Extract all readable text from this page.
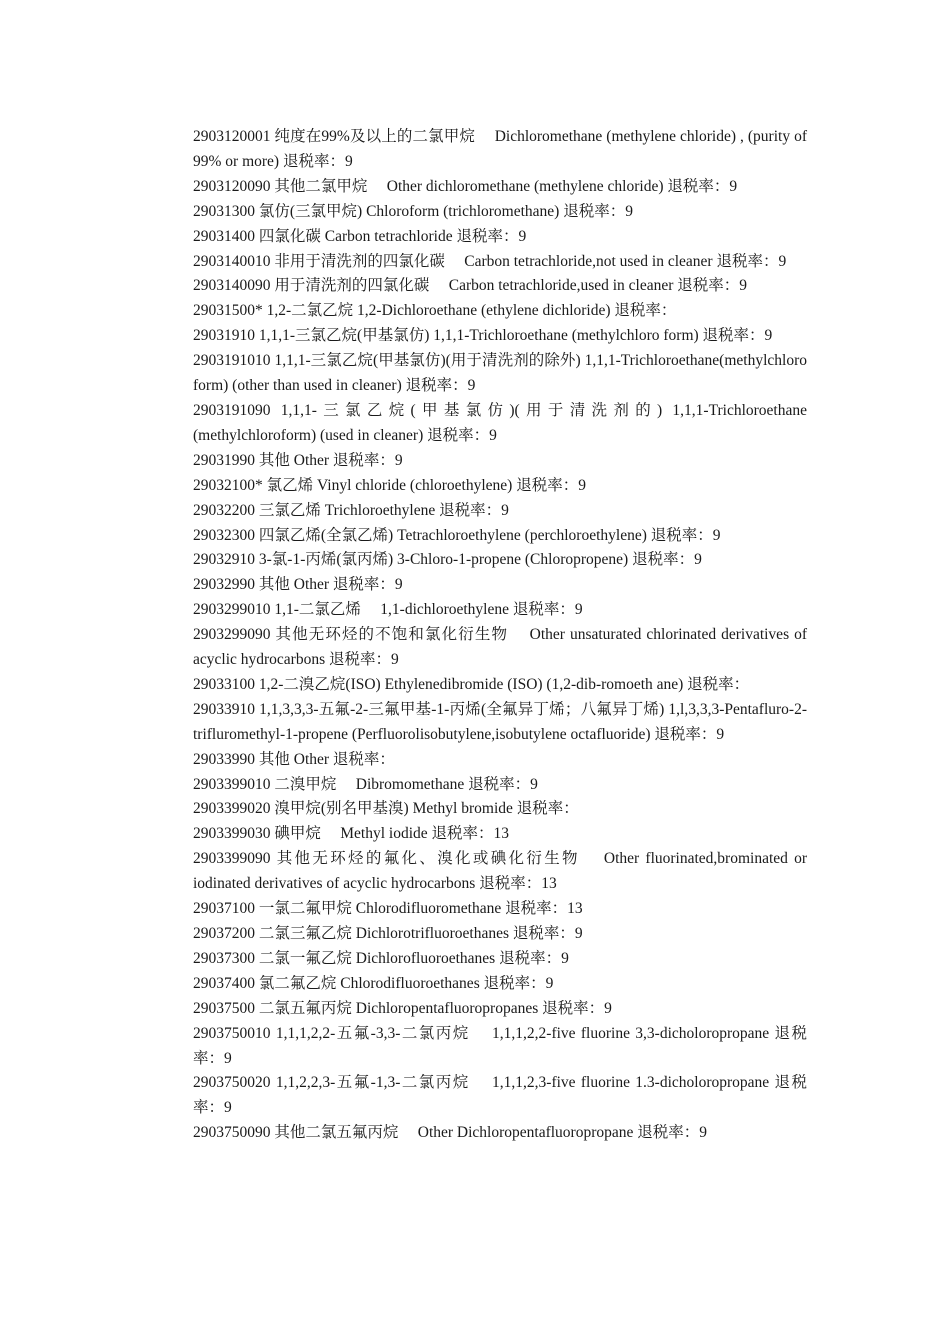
2903120001 纯度在99%及以上的二氯甲烷　 Dichloromethane (methylene chloride) , (purity of 99% or more) 退税率：9

2903120090 其他二氯甲烷　 Other dichloromethane (methylene chloride) 退税率：9

29031300 氯仿(三氯甲烷) Chloroform (trichloromethane) 退税率：9

29031400 四氯化碳 Carbon tetrachloride 退税率：9

2903140010 非用于清洗剂的四氯化碳　 Carbon tetrachloride,not used in cleaner 退税率：9

2903140090 用于清洗剂的四氯化碳　 Carbon tetrachloride,used in cleaner 退税率：9

29031500* 1,2-二氯乙烷 1,2-Dichloroethane (ethylene dichloride) 退税率：

29031910 1,1,1-三氯乙烷(甲基氯仿) 1,1,1-Trichloroethane (methylchloro form) 退税率：9

2903191010 1,1,1-三氯乙烷(甲基氯仿)(用于清洗剂的除外) 1,1,1-Trichloroethane(methylchloro form) (other than used in cleaner) 退税率：9

2903191090 1,1,1-三氯乙烷(甲基氯仿)(用于清洗剂的) 1,1,1-Trichloroethane (methylchloroform) (used in cleaner) 退税率：9

29031990 其他 Other 退税率：9

29032100* 氯乙烯 Vinyl chloride (chloroethylene) 退税率：9

29032200 三氯乙烯 Trichloroethylene 退税率：9

29032300 四氯乙烯(全氯乙烯) Tetrachloroethylene (perchloroethylene) 退税率：9

29032910 3-氯-1-丙烯(氯丙烯) 3-Chloro-1-propene (Chloropropene) 退税率：9

29032990 其他 Other 退税率：9

2903299010 1,1-二氯乙烯　 1,1-dichloroethylene 退税率：9

2903299090 其他无环烃的不饱和氯化衍生物　 Other unsaturated chlorinated derivatives of acyclic hydrocarbons 退税率：9

29033100 1,2-二溴乙烷(ISO) Ethylenedibromide (ISO) (1,2-dib-romoeth ane) 退税率：

29033910 1,1,3,3,3-五氟-2-三氟甲基-1-丙烯(全氟异丁烯；八氟异丁烯) 1,l,3,3,3-Pentafluro-2-trifluromethyl-1-propene (Perfluorolisobutylene,isobutylene octafluoride) 退税率：9

29033990 其他 Other 退税率：

2903399010 二溴甲烷　 Dibromomethane 退税率：9

2903399020 溴甲烷(别名甲基溴) Methyl bromide 退税率：

2903399030 碘甲烷　 Methyl iodide 退税率：13

2903399090 其他无环烃的氟化、溴化或碘化衍生物　 Other fluorinated,brominated or iodinated derivatives of acyclic hydrocarbons 退税率：13

29037100 一氯二氟甲烷 Chlorodifluoromethane 退税率：13

29037200 二氯三氟乙烷 Dichlorotrifluoroethanes 退税率：9

29037300 二氯一氟乙烷 Dichlorofluoroethanes 退税率：9

29037400 氯二氟乙烷 Chlorodifluoroethanes 退税率：9

29037500 二氯五氟丙烷 Dichloropentafluoropropanes 退税率：9

2903750010 1,1,1,2,2-五氟-3,3-二氯丙烷　 1,1,1,2,2-five fluorine 3,3-dicholoropropane 退税率：9

2903750020 1,1,2,2,3-五氟-1,3-二氯丙烷　 1,1,1,2,3-five fluorine 1.3-dicholoropropane 退税率：9

2903750090 其他二氯五氟丙烷　 Other Dichloropentafluoropropane 退税率：9
